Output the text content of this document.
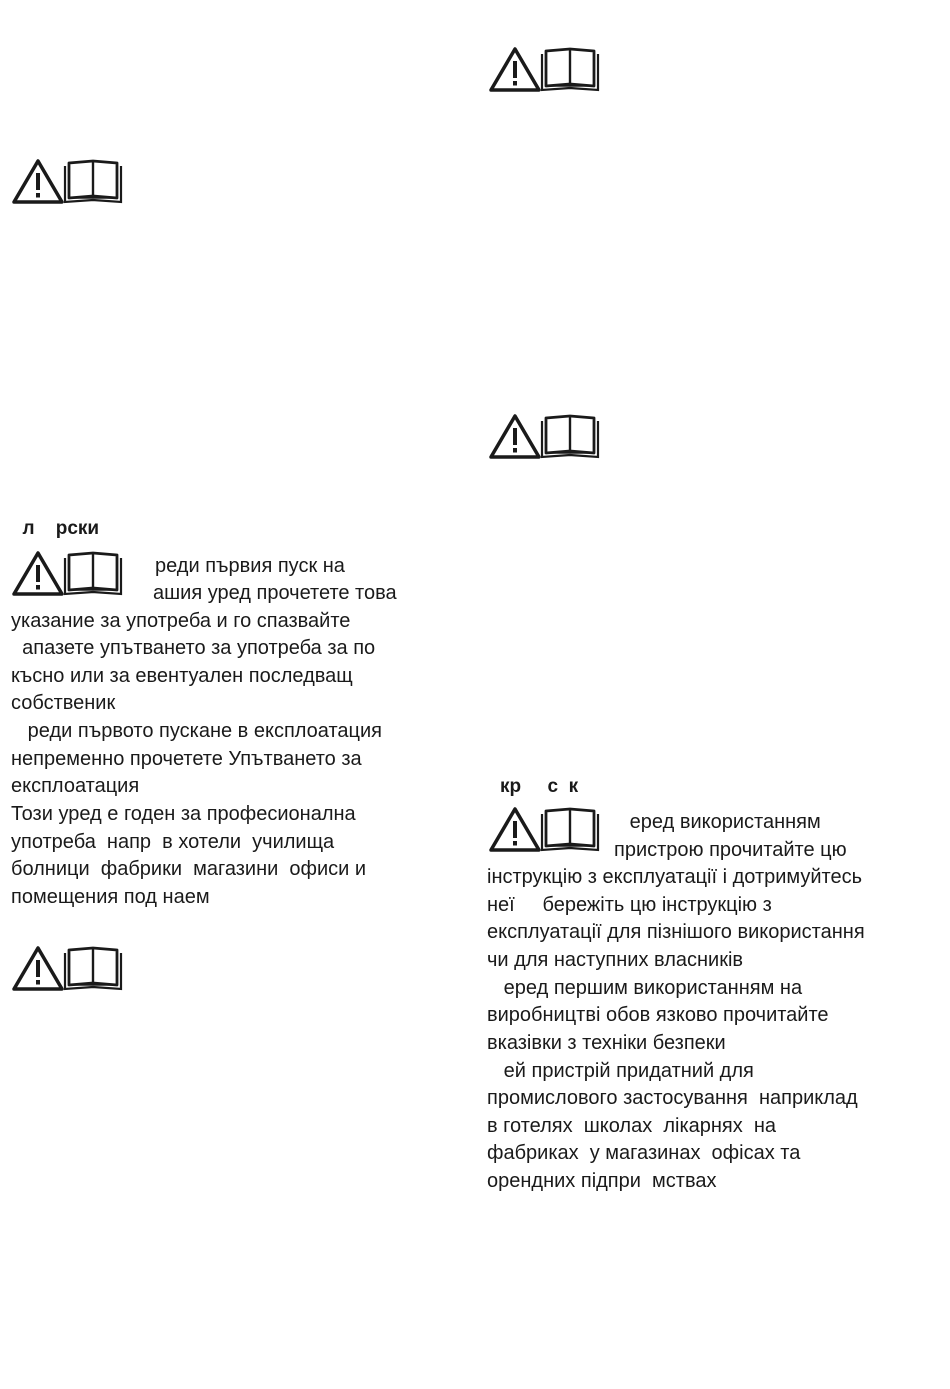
л    рски

реди първия пуск на

ашия уред прочетете това

указание за употреба и го спазвайте

апазете упътването за употреба за по

късно или за евентуален последващ

собственик

реди първото пускане в експлоатация

непременно прочетете Упътването за

експлоатация

Този уред е годен за професионална

употреба  напр  в хотели  училища

болници  фабрики  магазини  офиси и

помещения под наем

кр     с  к

еред використанням

пристрою прочитайте цю

інструкцію з експлуатації і дотримуйтесь

неї     бережіть цю інструкцію з

експлуатації для пізнішого використання

чи для наступних власників

еред першим використанням на

виробництві обов язково прочитайте

вказівки з техніки безпеки

ей пристрій придатний для

промислового застосування  наприклад

в готелях  школах  лікарнях  на

фабриках  у магазинах  офісах та

орендних підпри  мствах
